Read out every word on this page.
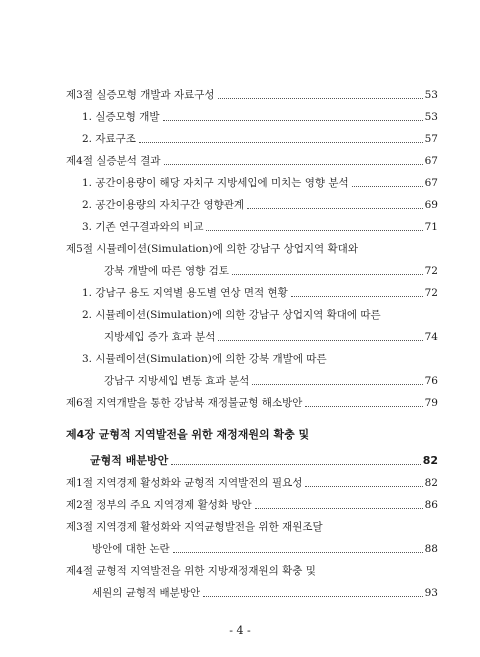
제3절 실증모형 개발과 자료구성	53
1. 실증모형 개발	53
2. 자료구조	57
제4절 실증분석 결과	67
1. 공간이용량이 해당 자치구 지방세입에 미치는 영향 분석	67
2. 공간이용량의 자치구간 영향관계	69
3. 기존 연구결과와의 비교	71
제5절 시뮬레이션(Simulation)에 의한 강남구 상업지역 확대와
강북 개발에 따른 영향 검토	72
1. 강남구 용도 지역별 용도별 연상 면적 현황	72
2. 시뮬레이션(Simulation)에 의한 강남구 상업지역 확대에 따른
지방세입 증가 효과 분석	74
3. 시뮬레이션(Simulation)에 의한 강북 개발에 따른
강남구 지방세입 변동 효과 분석	76
제6절 지역개발을 통한 강남북 재정불균형 해소방안	79
제4장 균형적 지역발전을 위한 재정재원의 확충 및
균형적 배분방안	82
제1절 지역경제 활성화와 균형적 지역발전의 필요성	82
제2절 정부의 주요 지역경제 활성화 방안	86
제3절 지역경제 활성화와 지역균형발전을 위한 재원조달
방안에 대한 논란	88
제4절 균형적 지역발전을 위한 지방재정재원의 확충 및
세원의 균형적 배분방안	93
- 4 -
